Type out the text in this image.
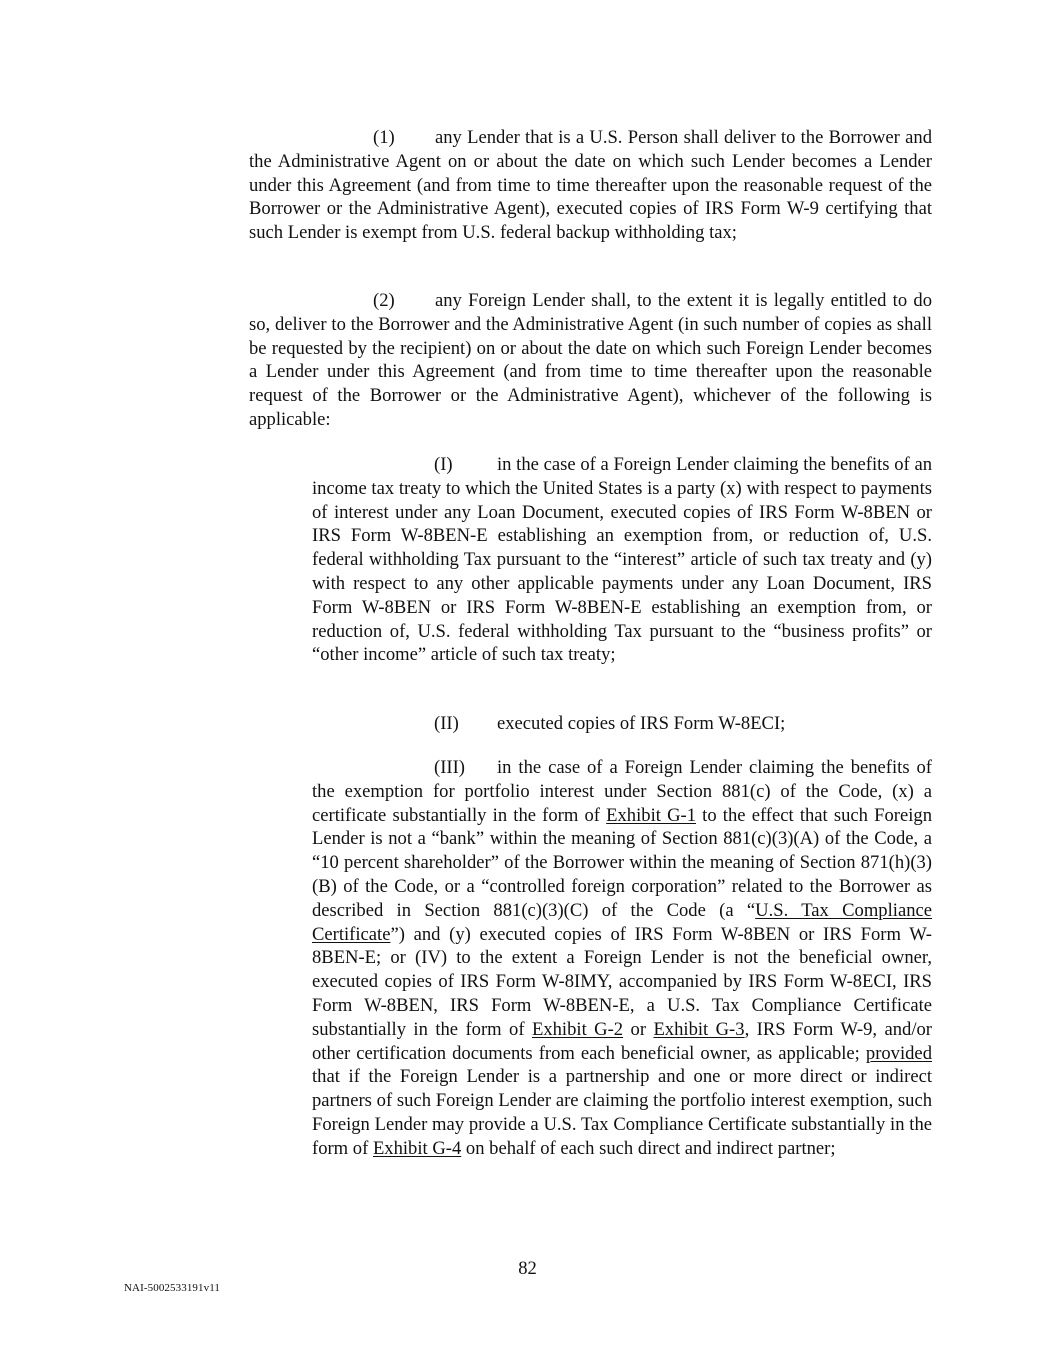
(1) any Lender that is a U.S. Person shall deliver to the Borrower and the Administrative Agent on or about the date on which such Lender becomes a Lender under this Agreement (and from time to time thereafter upon the reasonable request of the Borrower or the Administrative Agent), executed copies of IRS Form W-9 certifying that such Lender is exempt from U.S. federal backup withholding tax;

(2) any Foreign Lender shall, to the extent it is legally entitled to do so, deliver to the Borrower and the Administrative Agent (in such number of copies as shall be requested by the recipient) on or about the date on which such Foreign Lender becomes a Lender under this Agreement (and from time to time thereafter upon the reasonable request of the Borrower or the Administrative Agent), whichever of the following is applicable:

(I) in the case of a Foreign Lender claiming the benefits of an income tax treaty to which the United States is a party (x) with respect to payments of interest under any Loan Document, executed copies of IRS Form W-8BEN or IRS Form W-8BEN-E establishing an exemption from, or reduction of, U.S. federal withholding Tax pursuant to the “interest” article of such tax treaty and (y) with respect to any other applicable payments under any Loan Document, IRS Form W-8BEN or IRS Form W-8BEN-E establishing an exemption from, or reduction of, U.S. federal withholding Tax pursuant to the “business profits” or “other income” article of such tax treaty;

(II) executed copies of IRS Form W-8ECI;

(III) in the case of a Foreign Lender claiming the benefits of the exemption for portfolio interest under Section 881(c) of the Code, (x) a certificate substantially in the form of Exhibit G-1 to the effect that such Foreign Lender is not a “bank” within the meaning of Section 881(c)(3)(A) of the Code, a “10 percent shareholder” of the Borrower within the meaning of Section 871(h)(3)(B) of the Code, or a “controlled foreign corporation” related to the Borrower as described in Section 881(c)(3)(C) of the Code (a “U.S. Tax Compliance Certificate”) and (y) executed copies of IRS Form W-8BEN or IRS Form W-8BEN-E; or (IV) to the extent a Foreign Lender is not the beneficial owner, executed copies of IRS Form W-8IMY, accompanied by IRS Form W-8ECI, IRS Form W-8BEN, IRS Form W-8BEN-E, a U.S. Tax Compliance Certificate substantially in the form of Exhibit G-2 or Exhibit G-3, IRS Form W-9, and/or other certification documents from each beneficial owner, as applicable; provided that if the Foreign Lender is a partnership and one or more direct or indirect partners of such Foreign Lender are claiming the portfolio interest exemption, such Foreign Lender may provide a U.S. Tax Compliance Certificate substantially in the form of Exhibit G-4 on behalf of each such direct and indirect partner;

82
NAI-5002533191v11
